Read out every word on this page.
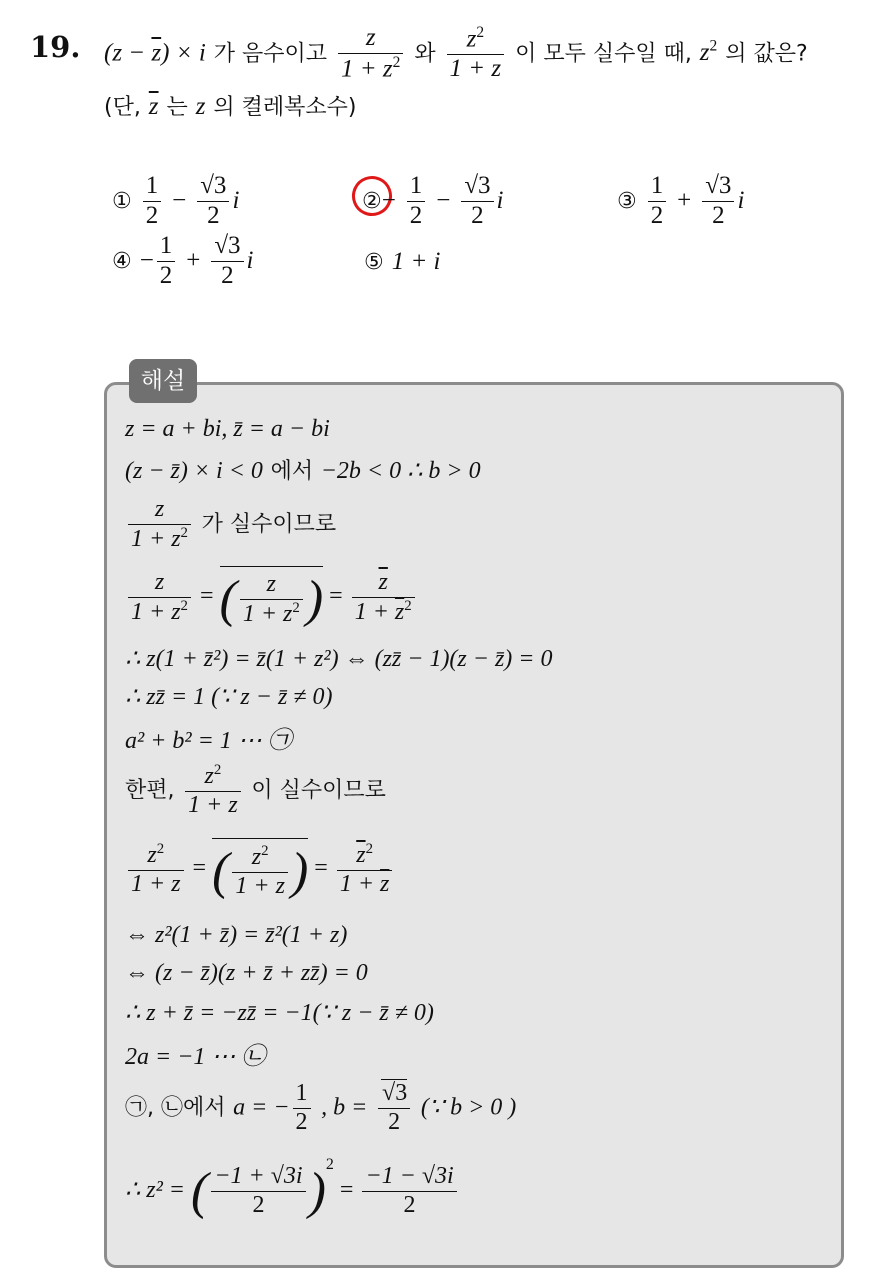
19. $(z - \overline{z}) \times i$ 가 음수이고 $\frac{z}{1 + z^2}$ 와 $\frac{z^2}{1 + z}$ 이 모두 실수일 때, $z^2$ 의 값은?
(단, $\overline{z}$ 는 z 의 켤레복소수)
① $\frac{1}{2} - \frac{√3}{2}$ i	②− $\frac{1}{2} - \frac{√3}{2}$ i	③ $\frac{1}{2} + \frac{√3}{2}$ i
④ − $\frac{1}{2} + \frac{√3}{2}$ i	⑤ 1 + i
해설
z = a + bi, z̄ = a − bi
(z − z̄) × i < 0 에서 −2b < 0 ∴ b > 0
$\frac{z}{1 + z^2}$ 가 실수이므로
$\frac{z}{1 + z^2}$ = ( $\frac{z}{1 + z^2}$ ) = $\frac{\overline{z}}{1 + \overline{z}^2}$
∴ z(1 + z̄²) = z̄(1 + z²) ⇔ (zz̄ − 1)(z − z̄) = 0
∴ zz̄ = 1 (∵ z − z̄ ≠ 0)
a² + b² = 1 ⋯ ㉠
한편, $\frac{z^2}{1 + z}$ 이 실수이므로
$\frac{z^2}{1 + z}$ = ( $\frac{z^2}{1 + z}$ ) = $\frac{\overline{z}^2}{1 + \overline{z}}$
⇔ z²(1 + z̄) = z̄²(1 + z)
⇔ (z − z̄)(z + z̄ + zz̄) = 0
∴ z + z̄ = −zz̄ = −1(∵ z − z̄ ≠ 0)
2a = −1 ⋯ ㉡
㉠, ㉡에서 a = − $\frac{1}{2}$ , $b = \frac{√3}{2}$ (∵ b > 0 )
∴ z² = ( $\frac{-1 + √3i}{2} )^2 = \frac{-1 - √3i}{2}$
